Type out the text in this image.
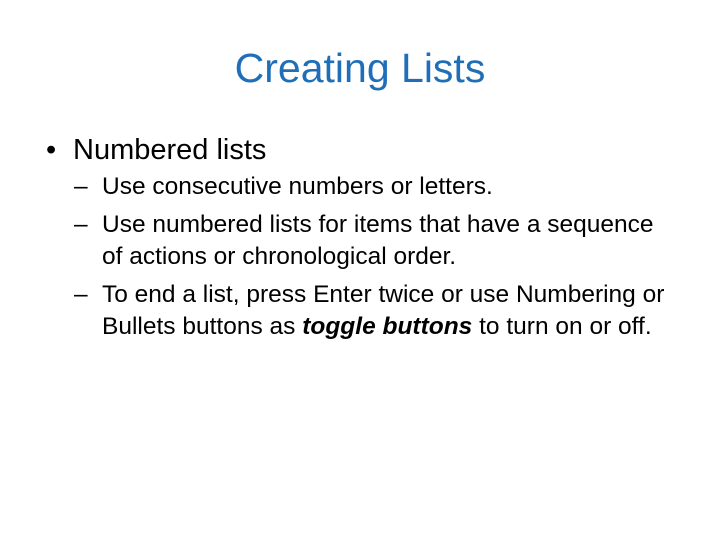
Creating Lists
• Numbered lists
– Use consecutive numbers or letters.
– Use numbered lists for items that have a sequence of actions or chronological order.
– To end a list, press Enter twice or use Numbering or Bullets buttons as toggle buttons to turn on or off.
